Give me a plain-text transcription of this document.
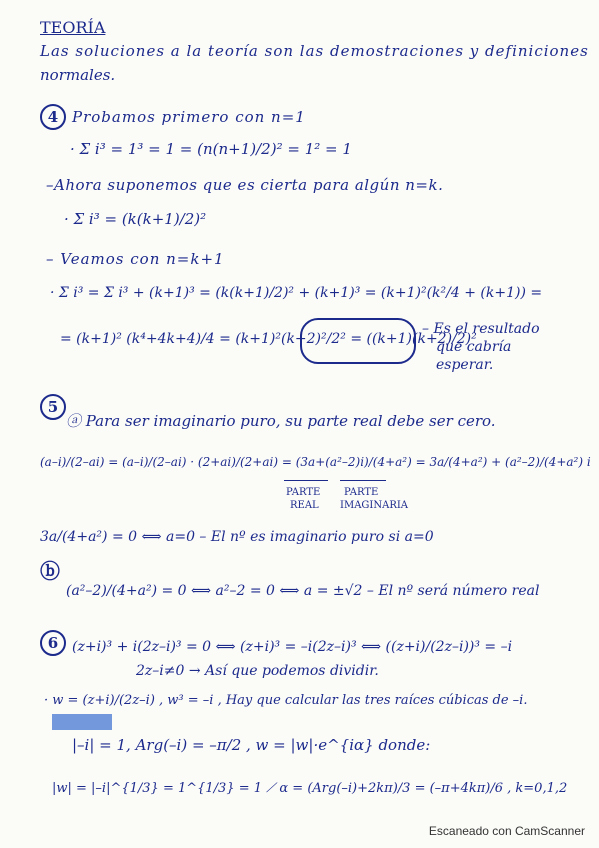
TEORÍA
Las soluciones a la teoría son las demostraciones y definiciones
normales.
4 Probamos primero con n=1
· Σ i³ = 1³ = 1 = (n(n+1)/2)² = 1² = 1
–Ahora suponemos que es cierta para algún n=k.
· Σ i³ = (k(k+1)/2)²
– Veamos con n=k+1
· Σ i³ = Σ i³ + (k+1)³ = (k(k+1)/2)² + (k+1)³ = (k+1)²(k²/4 + (k+1)) =
= (k+1)² (k⁴+4k+4)/4 = (k+1)²(k+2)²/2² = ((k+1)(k+2)/2)²
– Es el resultado
que cabría
esperar.
5
ⓐ Para ser imaginario puro, su parte real debe ser cero.
(a–i)/(2–ai) = (a–i)/(2–ai) · (2+ai)/(2+ai) = (3a+(a²–2)i)/(4+a²) = 3a/(4+a²) + (a²–2)/(4+a²) i
PARTE
REAL
PARTE
IMAGINARIA
3a/(4+a²) = 0 ⟺ a=0 – El nº es imaginario puro si a=0
ⓑ
(a²–2)/(4+a²) = 0 ⟺ a²–2 = 0 ⟺ a = ±√2 – El nº será número real
6 (z+i)³ + i(2z–i)³ = 0 ⟺ (z+i)³ = –i(2z–i)³ ⟺ ((z+i)/(2z–i))³ = –i
2z–i≠0 → Así que podemos dividir.
· w = (z+i)/(2z–i) , w³ = –i , Hay que calcular las tres raíces cúbicas de –i.
|–i| = 1, Arg(–i) = –π/2 , w = |w|·e^{iα} donde:
|w| = |–i|^{1/3} = 1^{1/3} = 1 ⟋ α = (Arg(–i)+2kπ)/3 = (–π+4kπ)/6 , k=0,1,2
Escaneado con CamScanner
